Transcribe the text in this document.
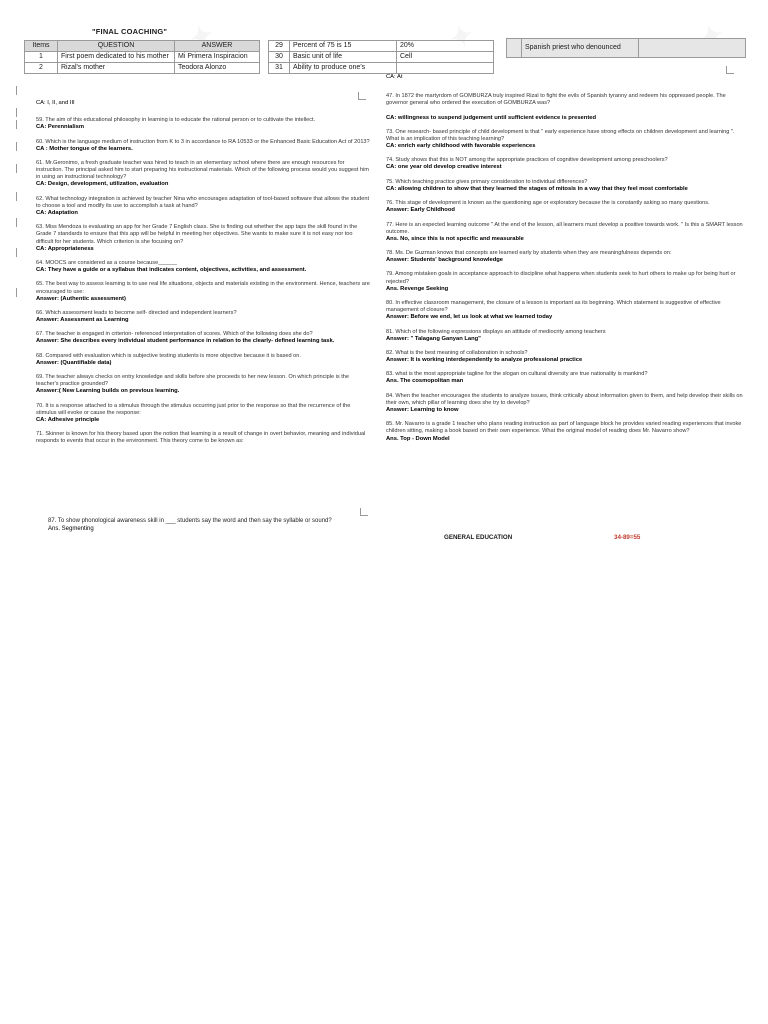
"FINAL COACHING"
Items	QUESTION	ANSWER
1	First poem dedicated to his mother	Mi Primera Inspiracion
2	Rizal's mother	Teodora Alonzo
29	Percent of 75 is 15	20%
30	Basic unit of life	Cell
31	Ability to produce one's	
	Spanish priest who denounced	
CA: I, II, and III
59. The aim of this educational philosophy in learning is to educate the rational person or to cultivate the intellect.
CA: Perennialism
60. Which is the language medium of instruction from K to 3 in accordance to RA 10533 or the Enhanced Basic Education Act of 2013?
CA : Mother tongue of the learners.
61. Mr.Geronimo, a fresh graduate teacher was hired to teach in an elementary school where there are enough resources for instruction. The principal asked him to start preparing his instructional materials. Which of the following process would you suggest him in using an instructional technology?
CA: Design, development, utilization, evaluation
62. What technology integration is achieved by teacher Nina who encourages adaptation of tool-based software that allows the student to choose a tool and modify its use to accomplish a task at hand?
CA: Adaptation
63. Miss Mendoza is evaluating an app for her Grade 7 English class. She is finding out whether the app taps the skill found in the Grade 7 standards to ensure that this app will be helpful in meeting her objectives. She wants to make sure it is not easy nor too difficult for her students. Which criterion is she focusing on?
CA: Appropriateness
64. MOOCS are considered as a course because______
CA: They have a guide or a syllabus that indicates content, objectives, activities, and assessment.
65. The best way to assess learning is to use real life situations, objects and materials existing in the environment. Hence, teachers are encouraged to use:
Answer: (Authentic assessment)
66. Which assessment leads to become self- directed and independent learners?
Answer: Assessment as Learning
67. The teacher is engaged in criterion- referenced interpretation of scores. Which of the following does she do?
Answer: She describes every individual student performance in relation to the clearly- defined learning task.
68. Compared with evaluation which is subjective testing students is more objective because it is based on.
Answer: (Quantifiable data)
69. The teacher always checks on entry knowledge and skills before she proceeds to her new lesson. On which principle is the teacher's practice grounded?
Answer:( New Learning builds on previous learning.
70. It is a response attached to a stimulus through the stimulus occurring just prior to the response so that the recurrence of the stimulus will evoke or cause the response:
CA: Adhesive principle
71. Skinner is known for his theory based upon the notion that learning is a result of change in overt behavior, meaning and individual responds to events that occur in the environment. This theory come to be known as:
CA: At
47. In 1872 the martyrdom of GOMBURZA truly inspired Rizal to fight the evils of Spanish tyranny and redeem his oppressed people. The governor general who ordered the execution of GOMBURZA was?
CA: willingness to suspend judgement until sufficient evidence is presented
73. One research- based principle of child development is that " early experience have strong effects on children development and learning ". What is an implication of this teaching learning?
CA: enrich early childhood with favorable experiences
74. Study shows that this is NOT among the appropriate practices of cognitive development among preschoolers?
CA: one year old develop creative interest
75. Which teaching practice gives primary consideration to individual differences?
CA: allowing children to show that they learned the stages of mitosis in a way that they feel most comfortable
76. This stage of development is known as the questioning age or exploratory because the is constantly asking so many questions.
Answer: Early Childhood
77. Here is an expected learning outcome " At the end of the lesson, all learners must develop a positive towards work. " Is this a SMART lesson outcome.
Ans. No, since this is not specific and measurable
78. Ms. De Guzman knows that concepts are learned early by students when they are meaningfulness depends on:
Answer: Students' background knowledge
79. Among mistaken goals in acceptance approach to discipline what happens when students seek to hurt others to make up for being hurt or rejected?
Ans. Revenge Seeking
80. In effective classroom management, the closure of a lesson is important as its beginning. Which statement is suggestive of effective management of closure?
Answer: Before we end, let us look at what we learned today
81. Which of the following expressions displays an attitude of mediocrity among teachers
Answer: " Talagang Ganyan Lang"
82. What is the best meaning of collaboration in schools?
Answer: It is working interdependently to analyze professional practice
83. what is the most appropriate tagline for the slogan on cultural diversity are true nationality is mankind?
Ans. The cosmopolitan man
84. When the teacher encourages the students to analyze issues, think critically about information given to them, and help develop their skills on their own, which pillar of learning does she try to develop?
Answer: Learning to know
85. Mr. Navarro is a grade 1 teacher who plans reading instruction as part of language block he provides varied reading experiences that invoke children sitting, making a book based on their own experience. What the original model of reading does Mr. Navarro show?
Ans. Top - Down Model
87. To show phonological awareness skill in ___ students say the word and then say the syllable or sound?
Ans. Segmenting
GENERAL EDUCATION	34-89=55
